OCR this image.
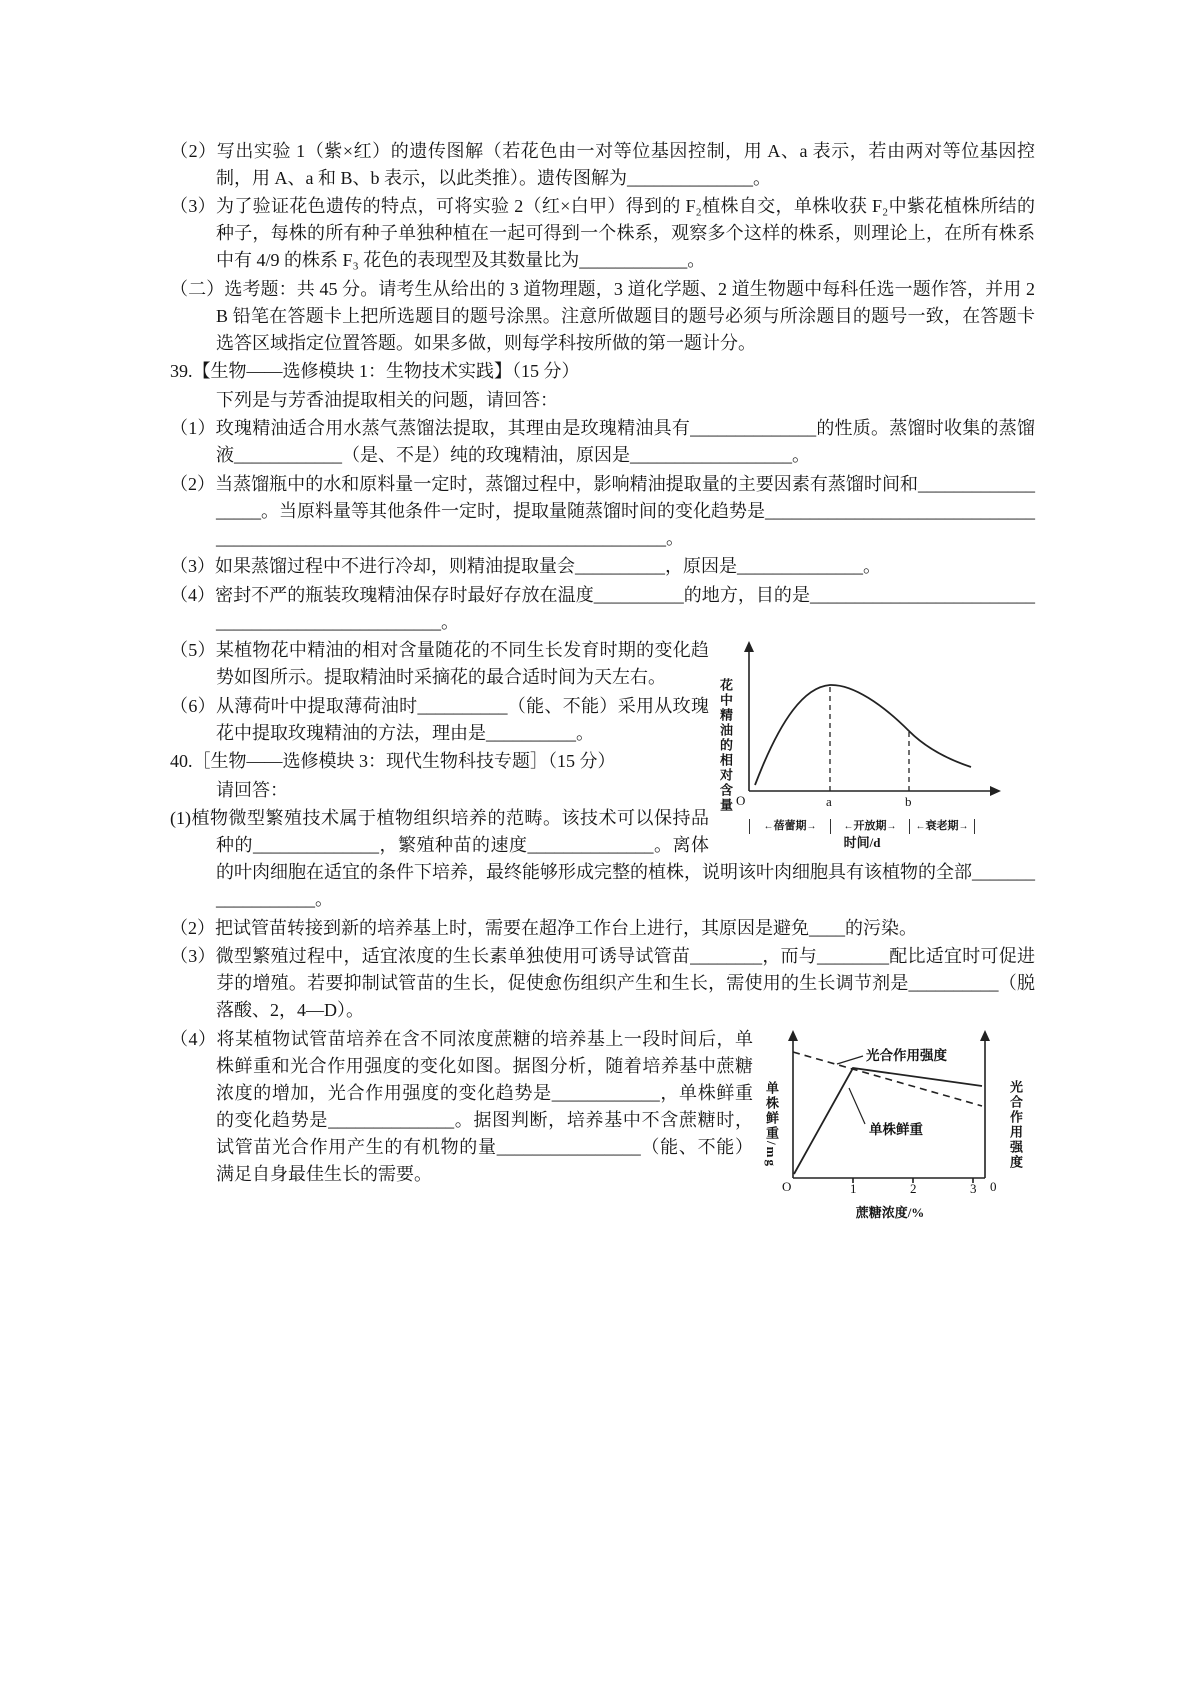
（2）写出实验 1（紫×红）的遗传图解（若花色由一对等位基因控制，用 A、a 表示，若由两对等位基因控制，用 A、a 和 B、b 表示，以此类推）。遗传图解为______________。
（3）为了验证花色遗传的特点，可将实验 2（红×白甲）得到的 F₂植株自交，单株收获 F₂中紫花植株所结的种子，每株的所有种子单独种植在一起可得到一个株系，观察多个这样的株系，则理论上，在所有株系中有 4/9 的株系 F₃ 花色的表现型及其数量比为____________。
（二）选考题：共 45 分。请考生从给出的 3 道物理题，3 道化学题、2 道生物题中每科任选一题作答，并用 2B 铅笔在答题卡上把所选题目的题号涂黑。注意所做题目的题号必须与所涂题目的题号一致，在答题卡选答区域指定位置答题。如果多做，则每学科按所做的第一题计分。
39.【生物——选修模块 1：生物技术实践】（15 分）
下列是与芳香油提取相关的问题，请回答：
（1）玫瑰精油适合用水蒸气蒸馏法提取，其理由是玫瑰精油具有______________的性质。蒸馏时收集的蒸馏液____________（是、不是）纯的玫瑰精油，原因是__________________。
（2）当蒸馏瓶中的水和原料量一定时，蒸馏过程中，影响精油提取量的主要因素有蒸馏时间和__________________。当原料量等其他条件一定时，提取量随蒸馏时间的变化趋势是________________________________________________________________________________。
（3）如果蒸馏过程中不进行冷却，则精油提取量会__________，原因是______________。
（4）密封不严的瓶装玫瑰精油保存时最好存放在温度__________的地方，目的是__________________________________________________。
花中精油的相对含量 O	a	b
← 蓓蕾期 →	← 开放期 → ← 衰老期 →
时间/d
（5）某植物花中精油的相对含量随花的不同生长发育时期的变化趋势如图所示。提取精油时采摘花的最合适时间为天左右。
（6）从薄荷叶中提取薄荷油时__________（能、不能）采用从玫瑰花中提取玫瑰精油的方法，理由是__________。
40.［生物——选修模块 3：现代生物科技专题］（15 分）
请回答：
(1)植物微型繁殖技术属于植物组织培养的范畴。该技术可以保持品种的______________，繁殖种苗的速度______________。离体的叶肉细胞在适宜的条件下培养，最终能够形成完整的植株，说明该叶肉细胞具有该植物的全部__________________。
（2）把试管苗转接到新的培养基上时，需要在超净工作台上进行，其原因是避免____的污染。
（3）微型繁殖过程中，适宜浓度的生长素单独使用可诱导试管苗________，而与________配比适宜时可促进芽的增殖。若要抑制试管苗的生长，促使愈伤组织产生和生长，需使用的生长调节剂是__________（脱落酸、2，4—D）。
单株鲜重/mg
光合作用强度
单株鲜重
O	1	2	3 0
蔗糖浓度/%
光合作用强度
（4）将某植物试管苗培养在含不同浓度蔗糖的培养基上一段时间后，单株鲜重和光合作用强度的变化如图。据图分析，随着培养基中蔗糖浓度的增加，光合作用强度的变化趋势是____________，单株鲜重的变化趋势是______________。据图判断，培养基中不含蔗糖时，试管苗光合作用产生的有机物的量________________（能、不能）满足自身最佳生长的需要。
